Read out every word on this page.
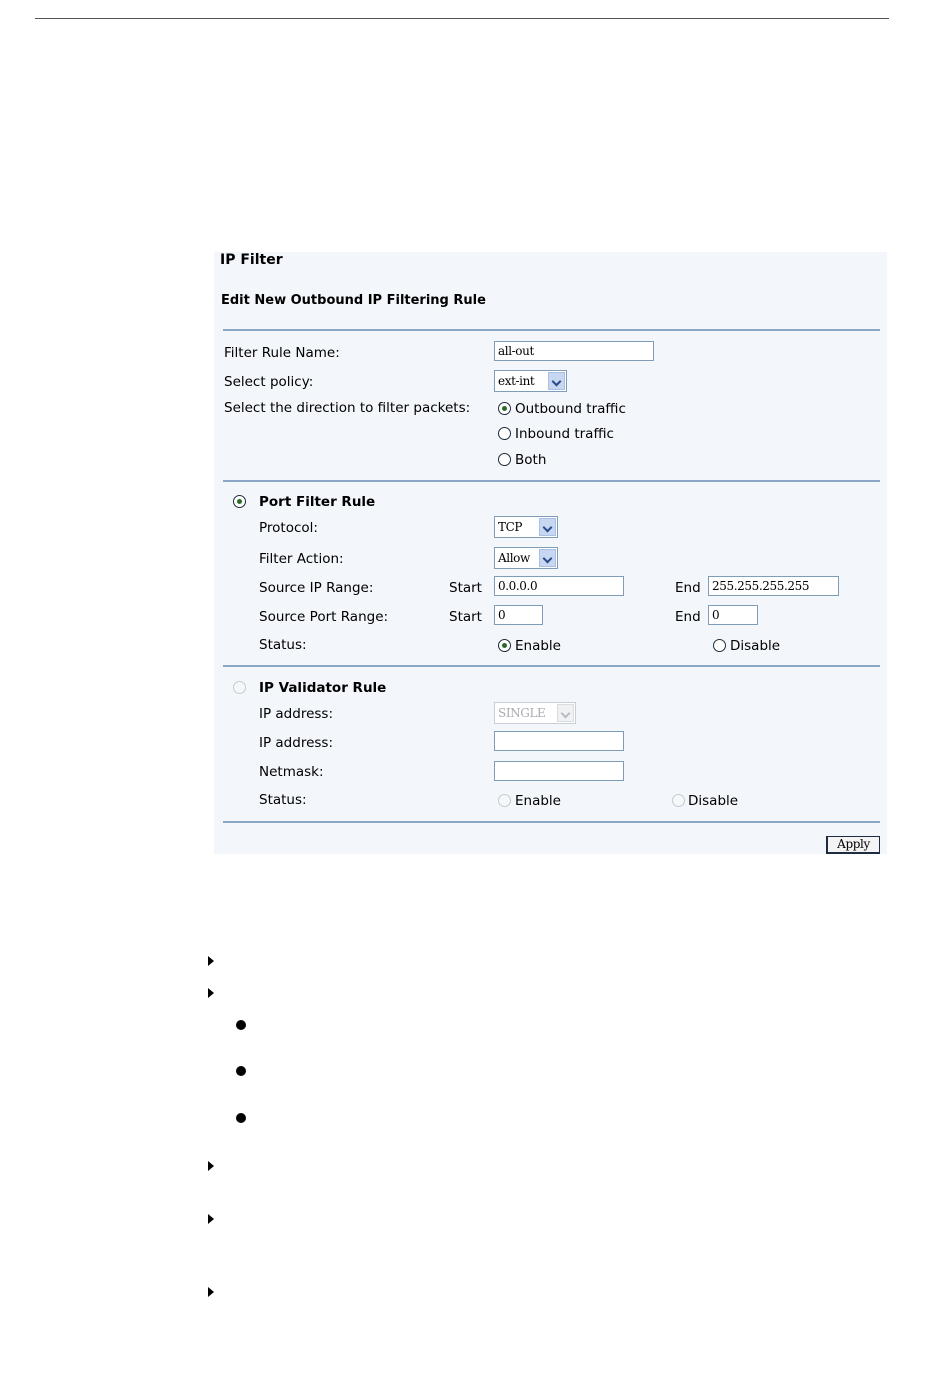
IP Filter
Edit New Outbound IP Filtering Rule
Filter Rule Name:	all-out
Select policy:	ext-int
Select the direction to filter packets:	Outbound traffic
Inbound traffic
Both
Port Filter Rule
Protocol:	TCP
Filter Action:	Allow
Source IP Range:	Start	0.0.0.0	End 255.255.255.255
Source Port Range:	Start	0	End 0
Status:	Enable	Disable
IP Validator Rule
IP address:	SINGLE
IP address:
Netmask:
Status:	Enable	Disable
Apply
